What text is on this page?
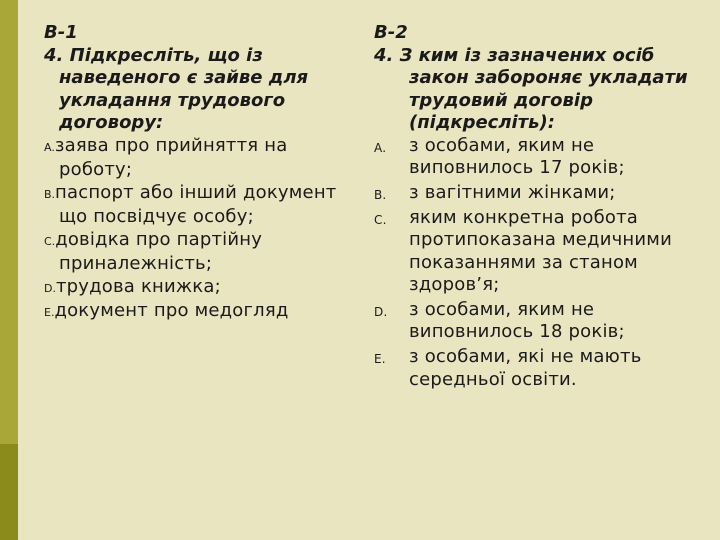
В-1

4. Підкресліть, що із наведеного є зайве для укладання трудового договору:

A.заява про прийняття на роботу;
B.паспорт або інший документ що посвідчує особу;
C.довідка про партійну приналежність;
D.трудова книжка;
E.документ про медогляд

В-2

4. З ким із зазначених осіб закон забороняє укладати трудовий договір (підкресліть):

A. з особами, яким не виповнилось 17 років;
B. з вагітними жінками;
C. яким конкретна робота протипоказана медичними показаннями за станом здоров’я;
D. з особами, яким не виповнилось 18 років;
E. з особами, які не мають середньої освіти.
